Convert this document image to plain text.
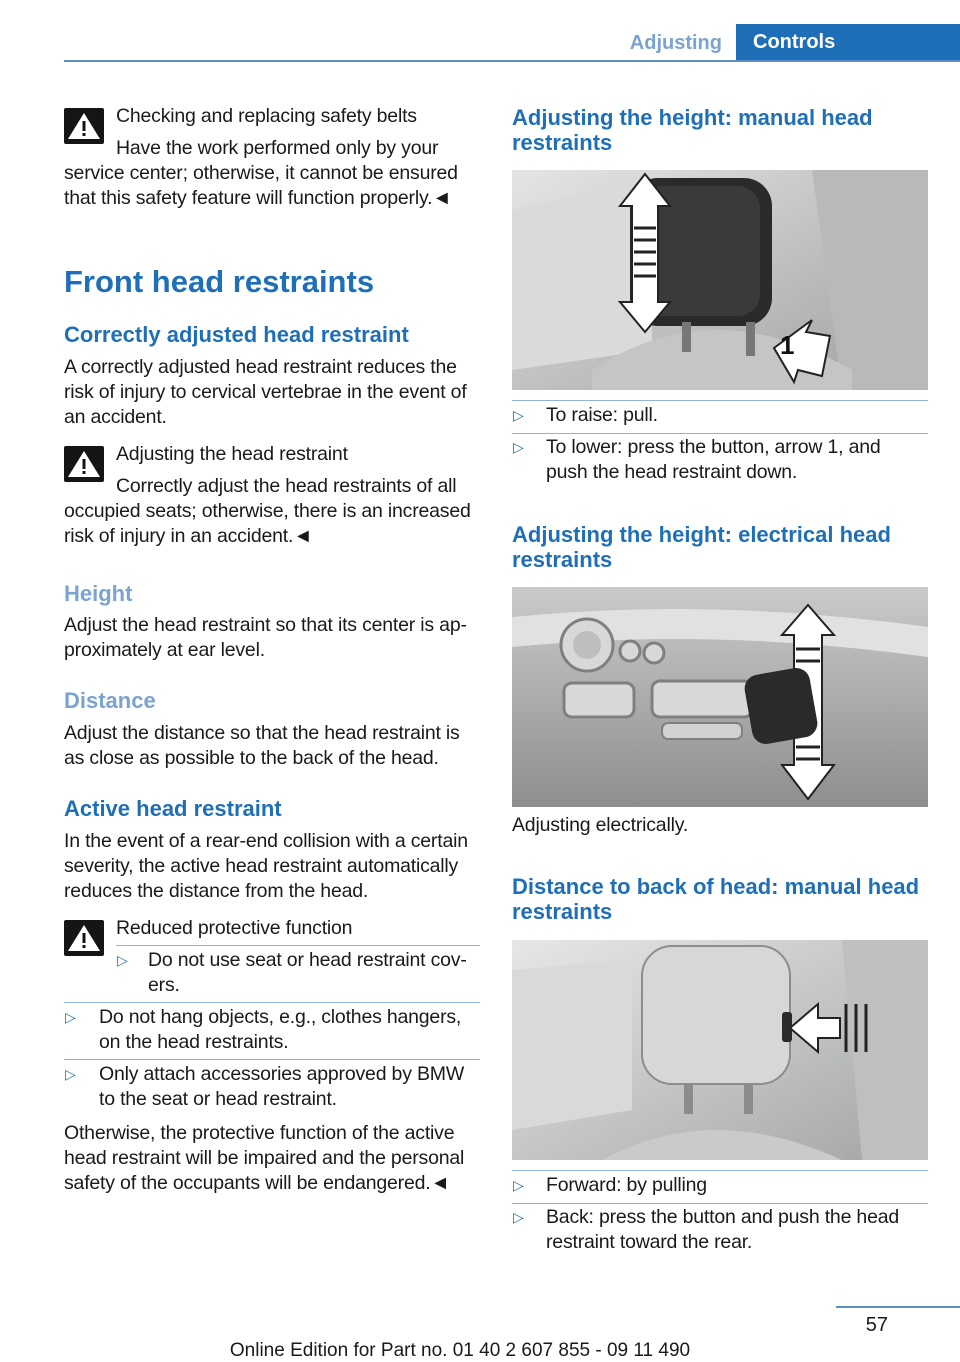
Adjusting	Controls

Checking and replacing safety belts

Have the work performed only by your

service center; otherwise, it cannot be ensured

that this safety feature will function properly.◄

Front head restraints
Correctly adjusted head restraint

A correctly adjusted head restraint reduces the

risk of injury to cervical vertebrae in the event of

an accident.

Adjusting the head restraint

Correctly adjust the head restraints of all

occupied seats; otherwise, there is an increased

risk of injury in an accident.◄

Height

Adjust the head restraint so that its center is ap-

proximately at ear level.

Distance

Adjust the distance so that the head restraint is

as close as possible to the back of the head.

Active head restraint

In the event of a rear-end collision with a certain

severity, the active head restraint automatically

reduces the distance from the head.

Reduced protective function

▷ Do not use seat or head restraint cov-

ers.

▷ Do not hang objects, e.g., clothes hangers,

on the head restraints.

▷ Only attach accessories approved by BMW

to the seat or head restraint.

Otherwise, the protective function of the active

head restraint will be impaired and the personal

safety of the occupants will be endangered.◄

Adjusting the height: manual head
restraints
1
▷ To raise: pull.

▷ To lower: press the button, arrow 1, and

push the head restraint down.

Adjusting the height: electrical head
restraints

Adjusting electrically.

Distance to back of head: manual head
restraints
▷ Forward: by pulling

▷ Back: press the button and push the head

restraint toward the rear.

57
Online Edition for Part no. 01 40 2 607 855 - 09 11 490
